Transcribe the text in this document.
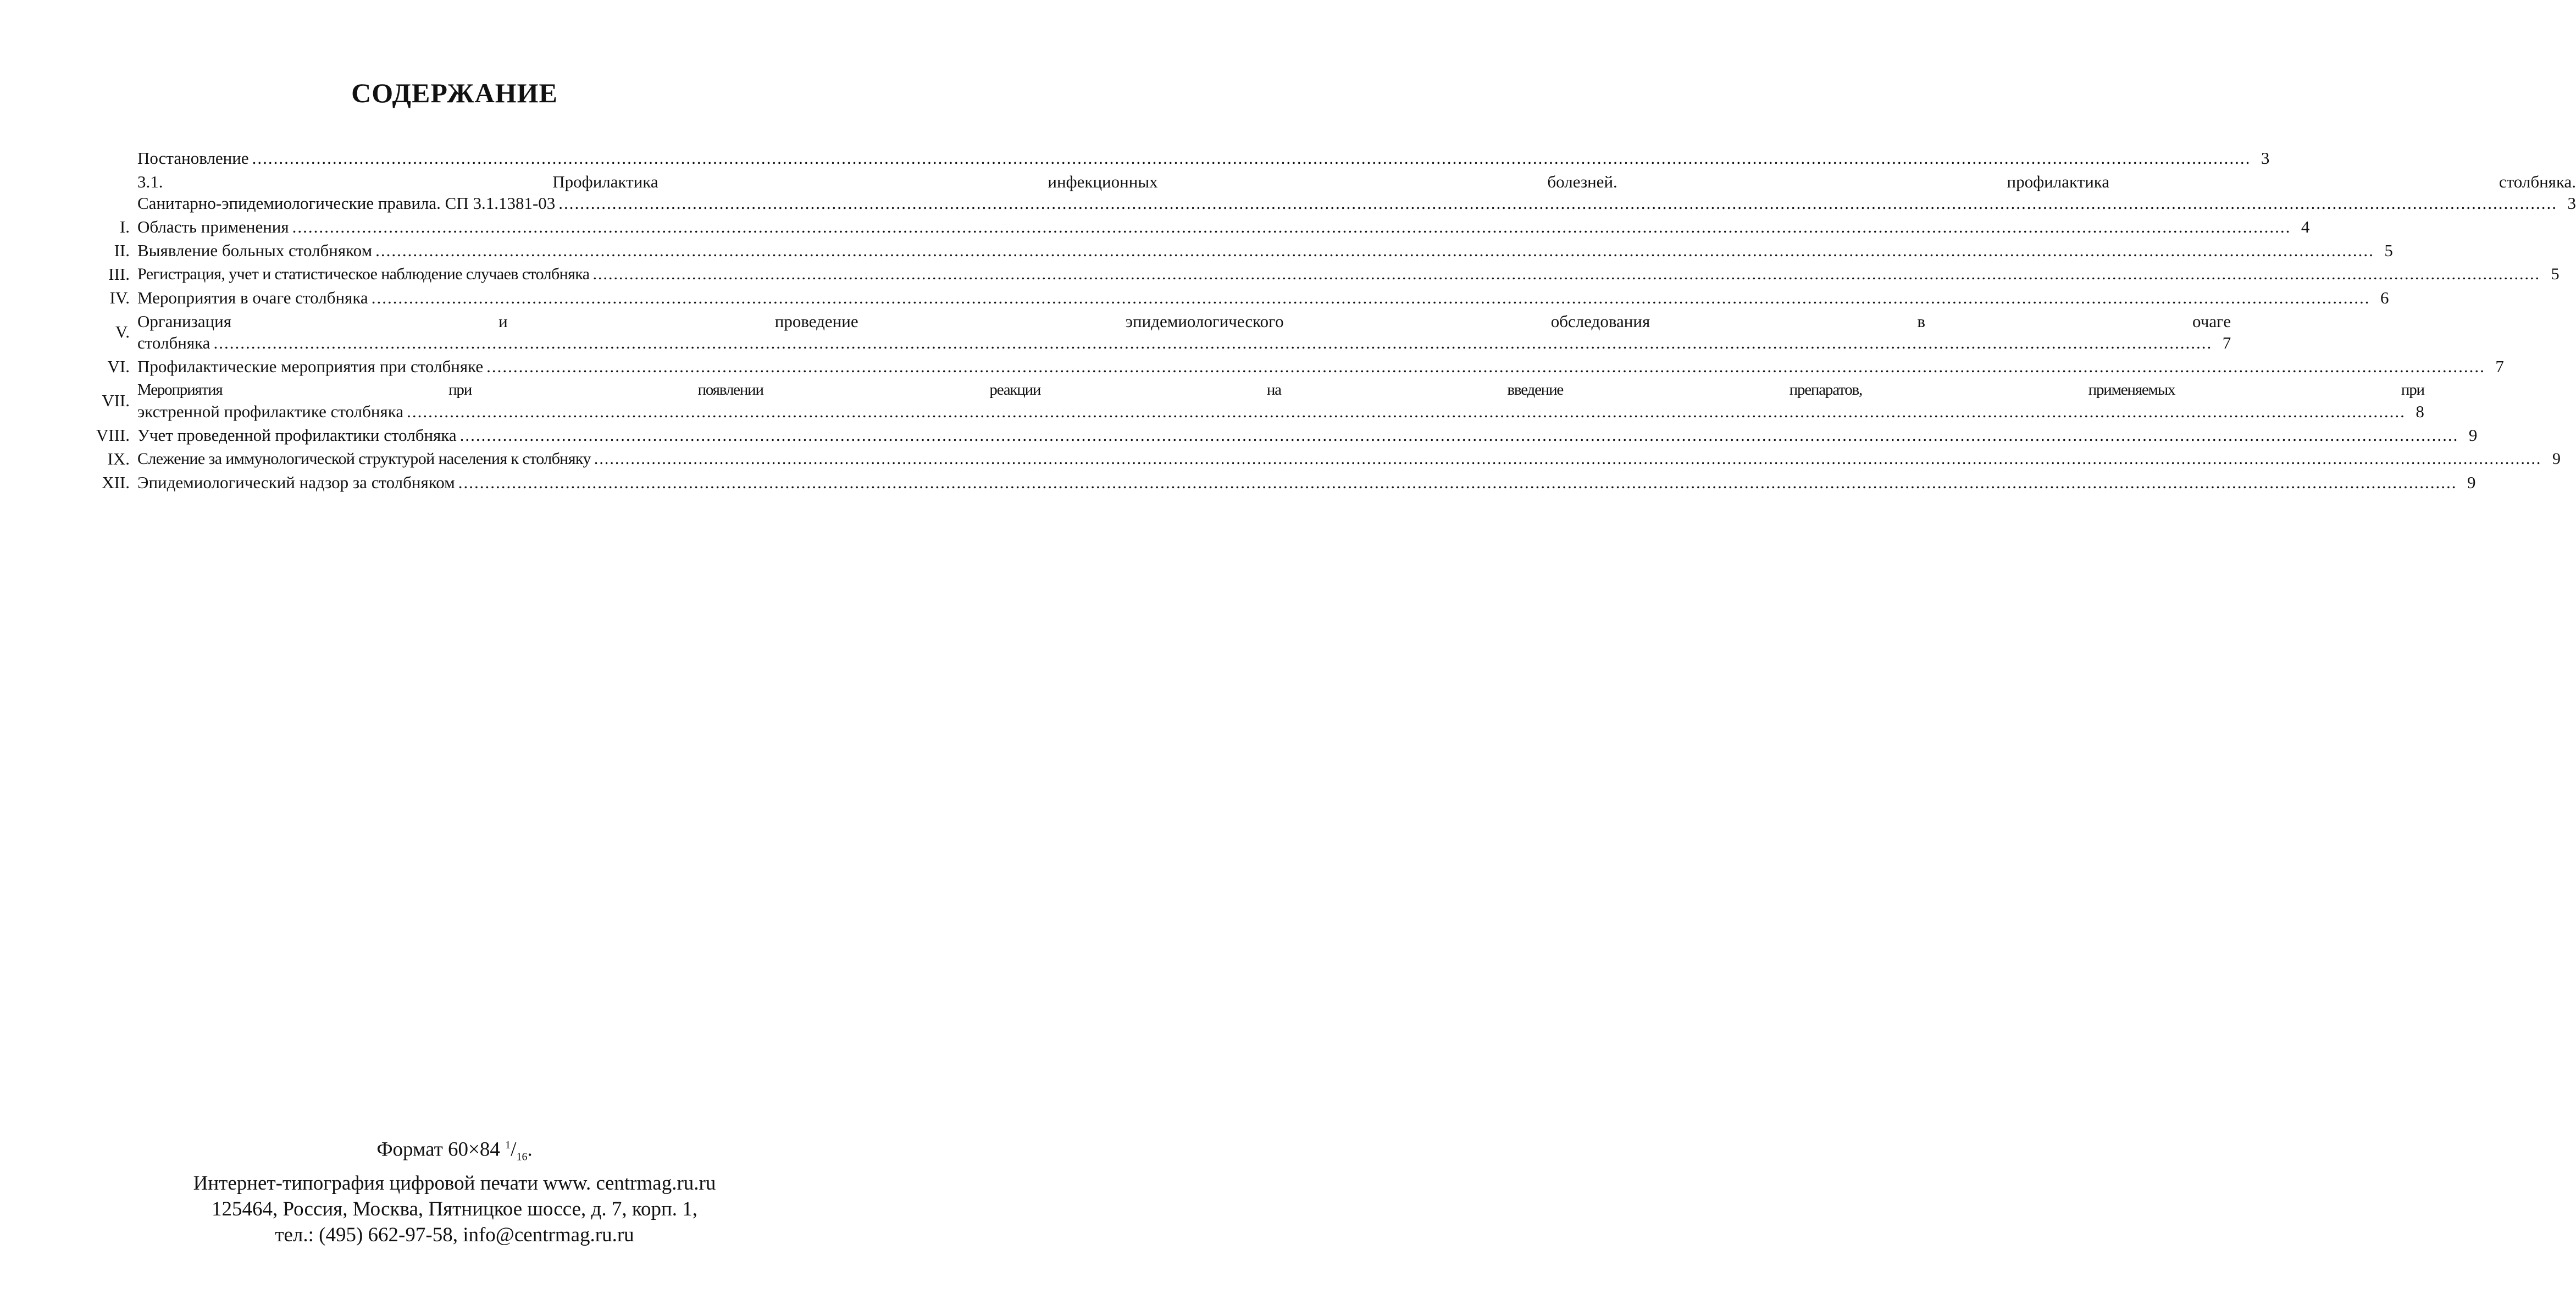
СОДЕРЖАНИЕ
Постановление .....	3
3.1. Профилактика инфекционных болезней. профилактика столбняка.
Санитарно-эпидемиологические правила. СП 3.1.1381-03 .....	3
I. Область применения .....	4
II. Выявление больных столбняком .....	5
III. Регистрация, учет и статистическое наблюдение случаев столбняка .....	5
IV. Мероприятия в очаге столбняка .....	6
V.
Организация и проведение эпидемиологического обследования в очаге
столбняка .....	7
VI. Профилактические мероприятия при столбняке .....	7
VII.
Мероприятия при появлении реакции на введение препаратов, применяемых при
экстренной профилактике столбняка .....	8
VIII. Учет проведенной профилактики столбняка .....	9
IX. Слежение за иммунологической структурой населения к столбняку .....	9
XII. Эпидемиологический надзор за столбняком .....	9
Формат 60×84 $^1/_{16}$.
Интернет-типография цифровой печати www. centrmag.ru.ru
125464, Россия, Москва, Пятницкое шоссе, д. 7, корп. 1,
тел.: (495) 662-97-58, info@centrmag.ru.ru
